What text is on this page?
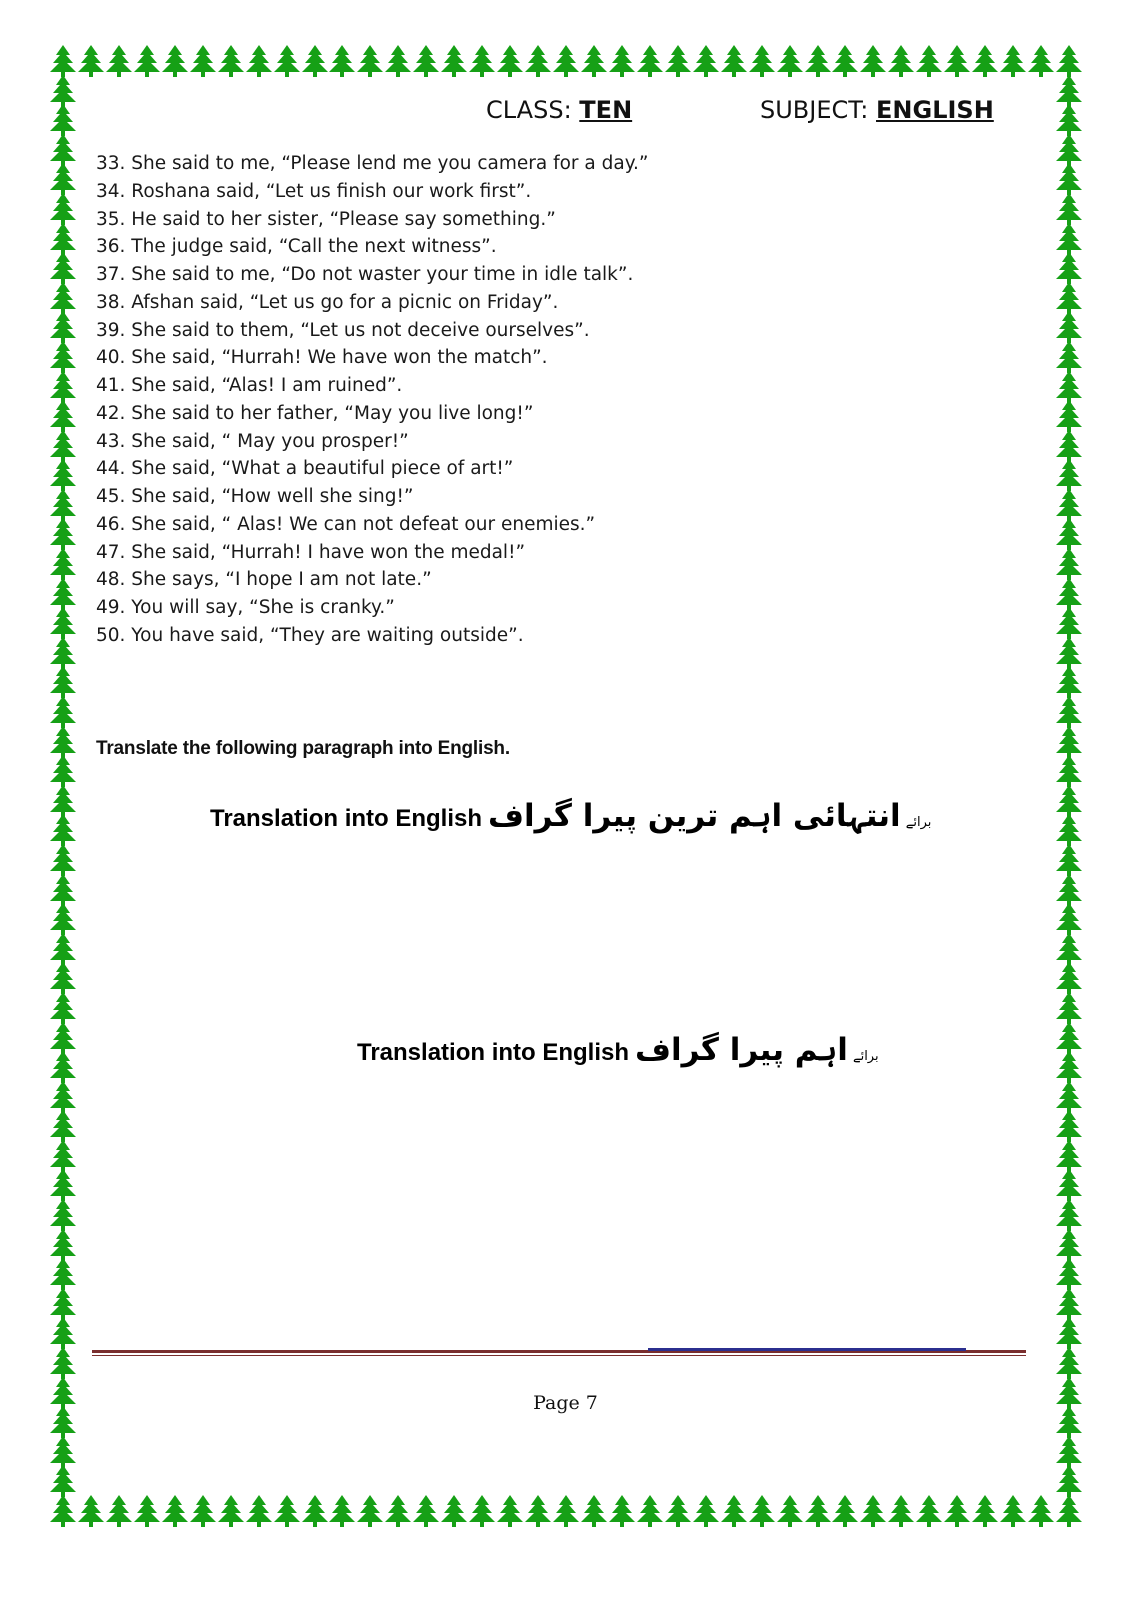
CLASS: TEN	SUBJECT: ENGLISH
33. She said to me, “Please lend me you camera for a day.”
34. Roshana said, “Let us finish our work first”.
35. He said to her sister, “Please say something.”
36. The judge said, “Call the next witness”.
37. She said to me, “Do not waster your time in idle talk”.
38. Afshan said, “Let us go for a picnic on Friday”.
39. She said to them, “Let us not deceive ourselves”.
40. She said, “Hurrah! We have won the match”.
41. She said, “Alas! I am ruined”.
42. She said to her father, “May you live long!”
43. She said, “ May you prosper!”
44. She said, “What a beautiful piece of art!”
45. She said, “How well she sing!”
46. She said, “ Alas! We can not defeat our enemies.”
47. She said, “Hurrah! I have won the medal!”
48. She says, “I hope I am not late.”
49. You will say, “She is cranky.”
50. You have said, “They are waiting outside”.
Translate the following paragraph into English.
Translation into English	برائے انتہائی اہم ترین پیرا گراف
Translation into English	برائے اہم پیرا گراف
Page 7
